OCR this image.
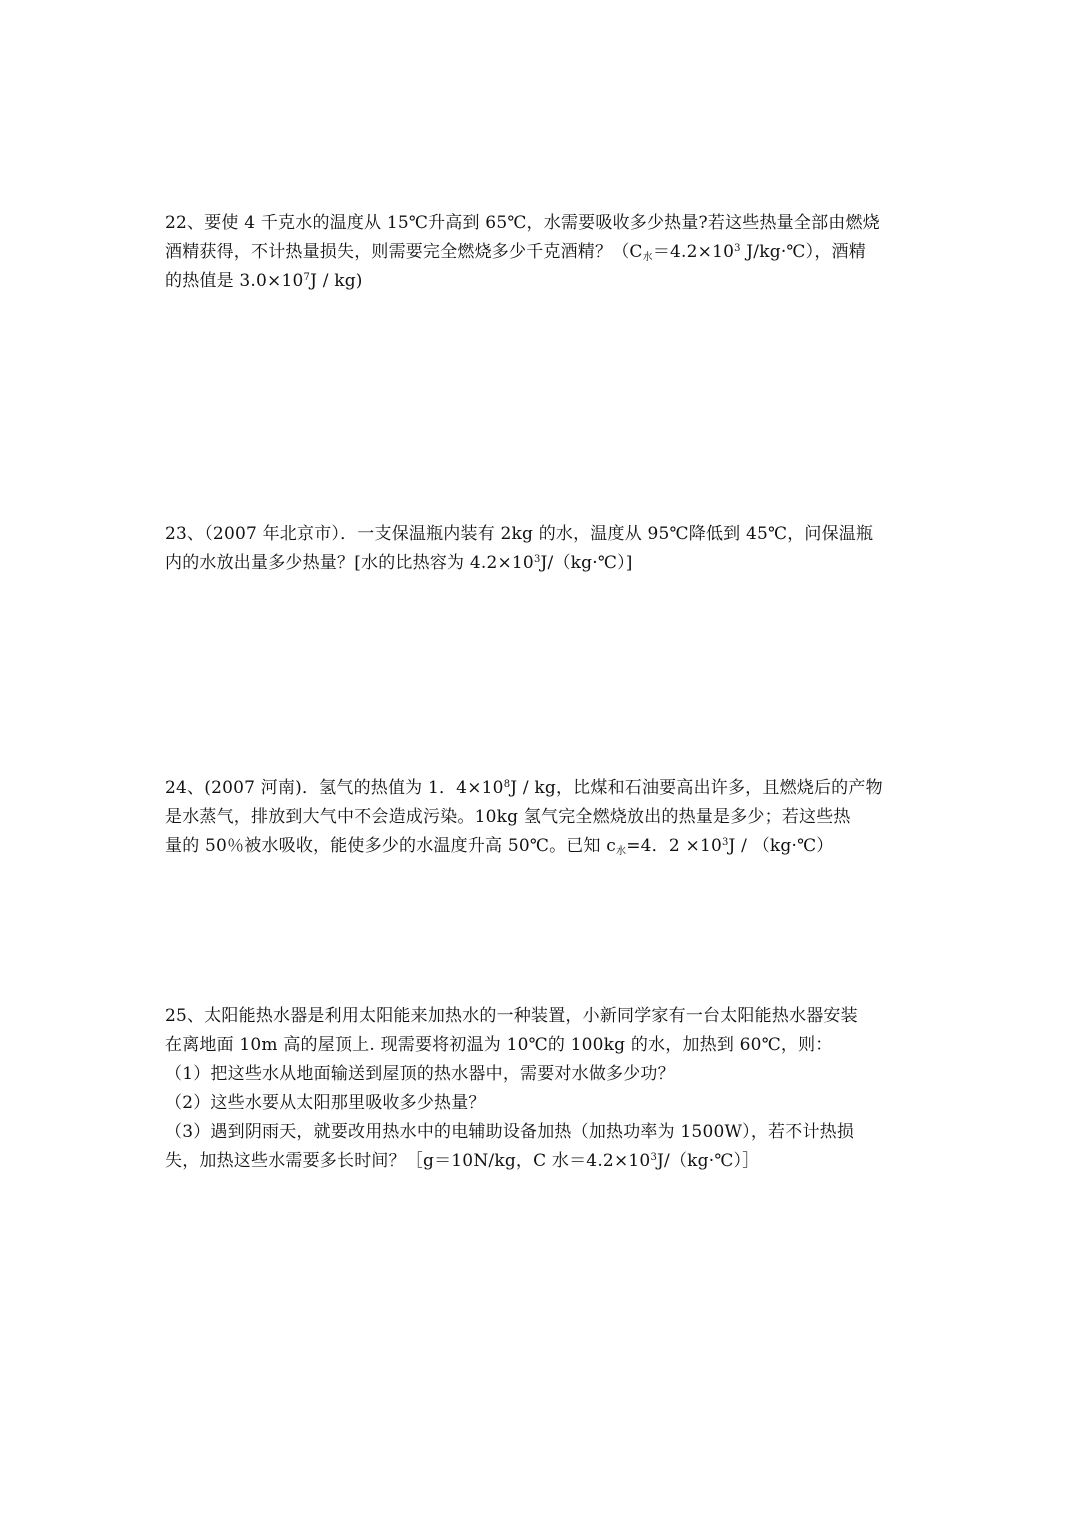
22、要使 4 千克水的温度从 15℃升高到 65℃，水需要吸收多少热量?若这些热量全部由燃烧
酒精获得，不计热量损失，则需要完全燃烧多少千克酒精？（$C_水=4.2\times 10^3$ J/kg·℃），酒精
的热值是 $3.0\times 10^7J / kg$)
23、（2007 年北京市）．一支保温瓶内装有 2kg 的水，温度从 95℃降低到 45℃，问保温瓶
内的水放出量多少热量？[水的比热容为 $4.2\times 10^3J/(kg\cdot℃)$]
24、(2007 河南)．氢气的热值为 1．$4\times 10^8J$ / kg，比煤和石油要高出许多，且燃烧后的产物
是水蒸气，排放到大气中不会造成污染。10kg 氢气完全燃烧放出的热量是多少；若这些热
量的 50％被水吸收，能使多少的水温度升高 50℃。已知 $c_水=4$．$2 \times 10^3J$ / （kg·℃）
25、太阳能热水器是利用太阳能来加热水的一种装置，小新同学家有一台太阳能热水器安装
在离地面 10m 高的屋顶上. 现需要将初温为 10℃的 100kg 的水，加热到 60℃，则：
（1）把这些水从地面输送到屋顶的热水器中，需要对水做多少功？
（2）这些水要从太阳那里吸收多少热量？
（3）遇到阴雨天，就要改用热水中的电辅助设备加热（加热功率为 1500W），若不计热损
失，加热这些水需要多长时间？［g＝10N/kg，C 水$=4.2\times 10^3J/(kg\cdot℃)]$
